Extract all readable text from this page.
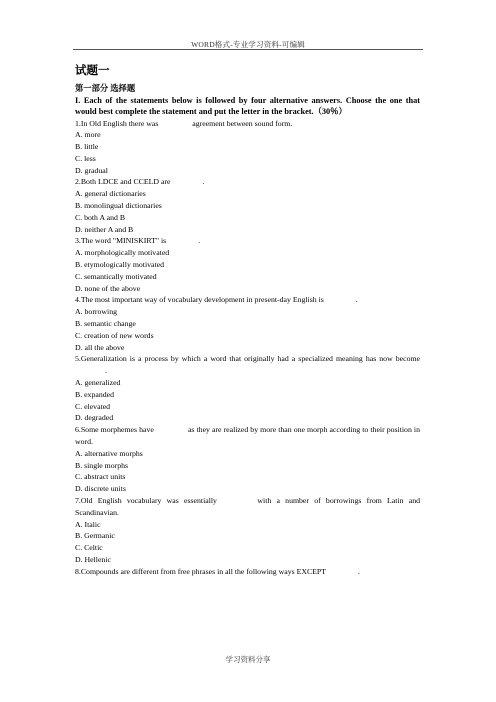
WORD格式-专业学习资料-可编辑
试题一
第一部分 选择题
I. Each of the statements below is followed by four alternative answers. Choose the one that would best complete the statement and put the letter in the bracket.（30％）
1.In Old English there was	agreement between sound form.
A. more
B. little
C. less
D. gradual
2.Both LDCE and CCELD are	.
A. general dictionaries
B. monolingual dictionaries
C. both A and B
D. neither A and B
3.The word "MINISKIRT" is	.
A. morphologically motivated
B. etymologically motivated
C. semantically motivated
D. none of the above
4.The most important way of vocabulary development in present-day English is	.
A. borrowing
B. semantic change
C. creation of new words
D. all the above
5.Generalization is a process by which a word that originally had a specialized meaning has now become .
A. generalized
B. expanded
C. elevated
D. degraded
6.Some morphemes have	as they are realized by more than one morph according to their position in word.
A. alternative morphs
B. single morphs
C. abstract units
D. discrete units
7.Old English vocabulary was essentially	with a number of borrowings from Latin and Scandinavian.
A. Italic
B. Germanic
C. Celtic
D. Hellenic
8.Compounds are different from free phrases in all the following ways EXCEPT	.
学习资料分享
